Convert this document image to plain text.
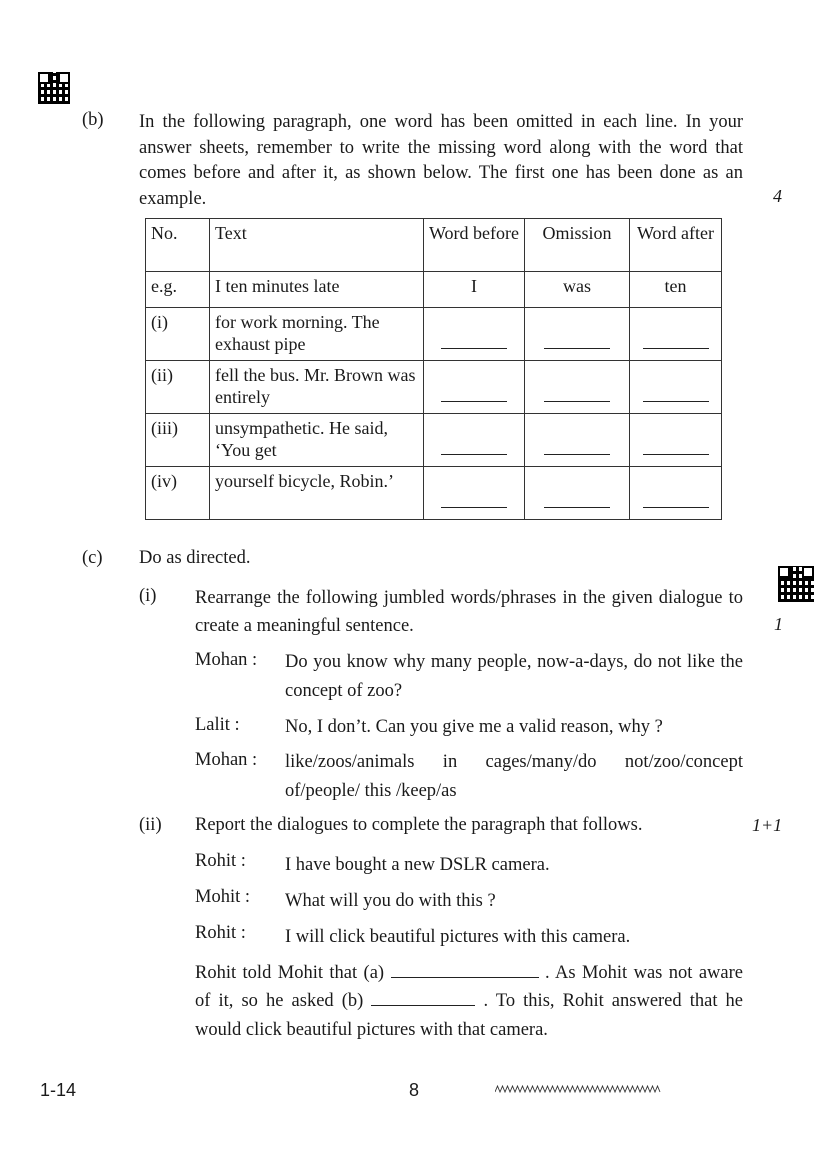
(b) In the following paragraph, one word has been omitted in each line. In your answer sheets, remember to write the missing word along with the word that comes before and after it, as shown below. The first one has been done as an example.	4
No.	Text	Word before	Omission	Word after
e.g.	I ten minutes late	I	was	ten
(i)	for work morning. The exhaust pipe			
(ii)	fell the bus. Mr. Brown was entirely			
(iii)	unsympathetic. He said, ‘You get			
(iv)	yourself bicycle, Robin.’			
(c) Do as directed.
(i) Rearrange the following jumbled words/phrases in the given dialogue to create a meaningful sentence.	1
Mohan : Do you know why many people, now-a-days, do not like the concept of zoo?
Lalit : No, I don’t. Can you give me a valid reason, why ?
Mohan : like/zoos/animals in cages/many/do not/zoo/concept of/people/ this /keep/as
(ii) Report the dialogues to complete the paragraph that follows.	1+1
Rohit : I have bought a new DSLR camera.
Mohit : What will you do with this ?
Rohit : I will click beautiful pictures with this camera.
Rohit told Mohit that (a)	. As Mohit was not aware of it, so he asked (b)	. To this, Rohit answered that he would click beautiful pictures with that camera.
1-14	8
